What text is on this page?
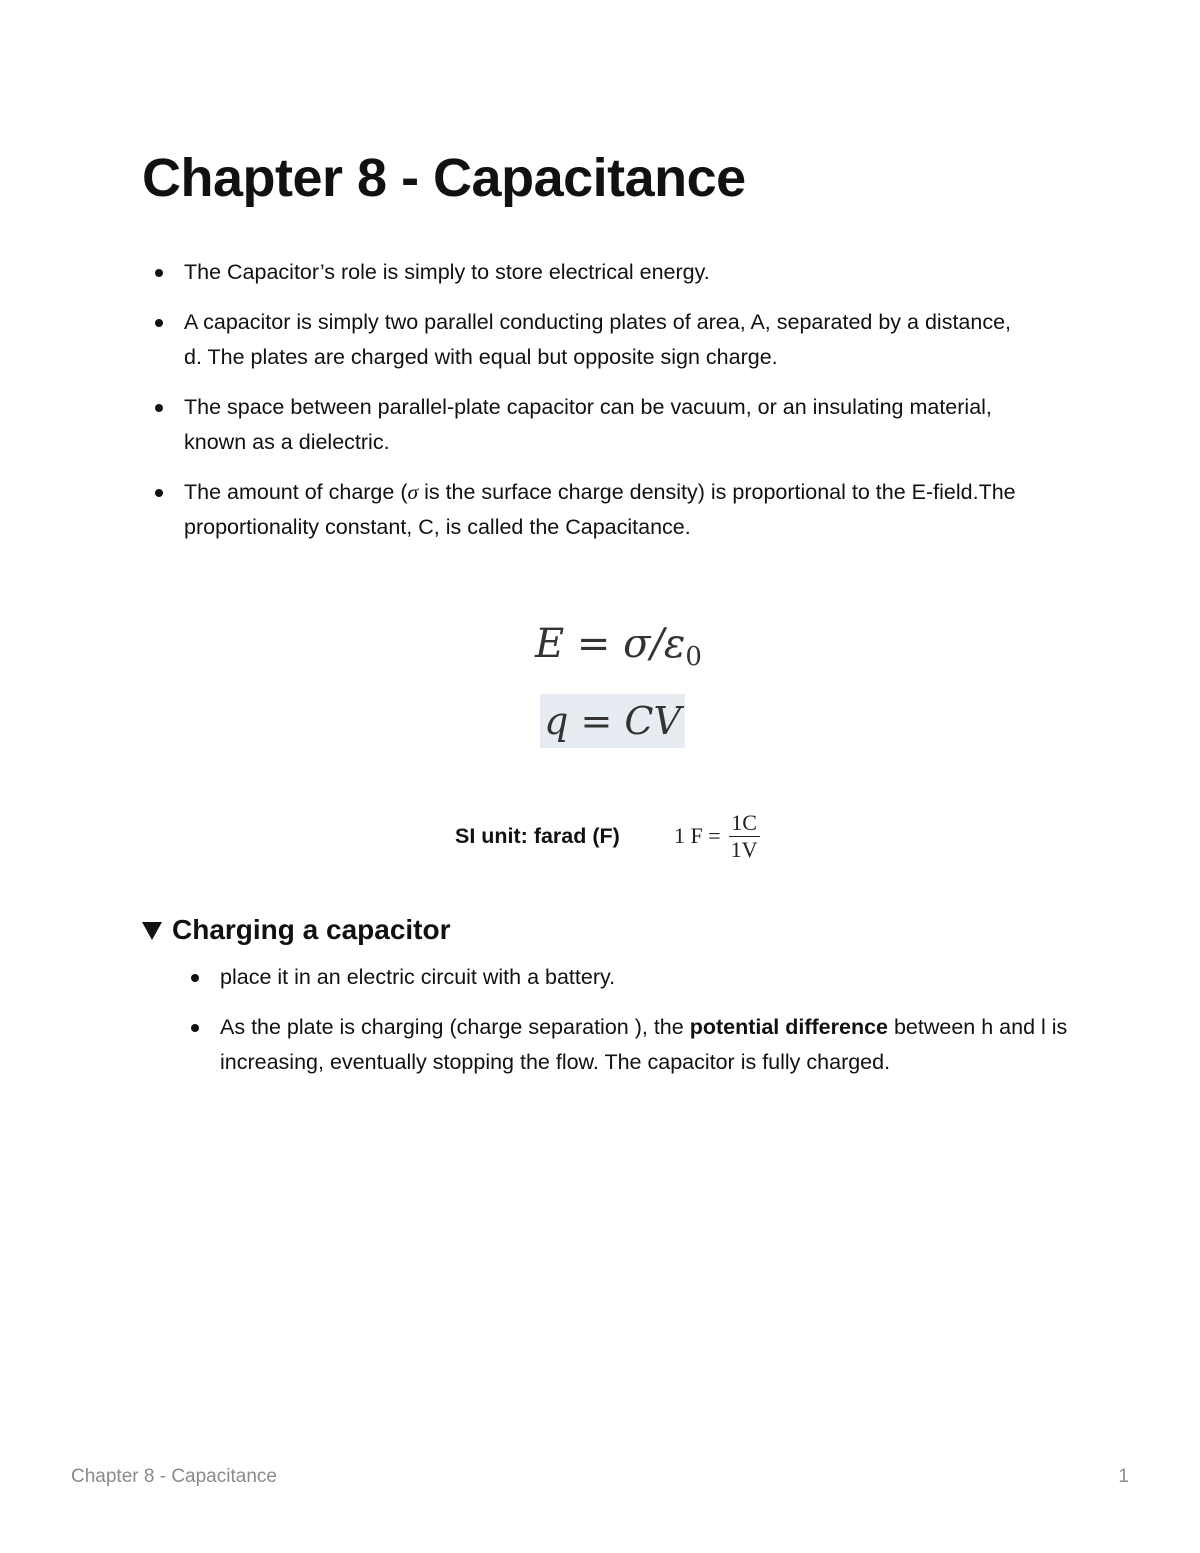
Chapter 8 - Capacitance
The Capacitor’s role is simply to store electrical energy.
A capacitor is simply two parallel conducting plates of area, A, separated by a distance,
d. The plates are charged with equal but opposite sign charge.
The space between parallel-plate capacitor can be vacuum, or an insulating material, known as a dielectric.
The amount of charge (σ is the surface charge density) is proportional to the E-field.The proportionality constant, C, is called the Capacitance.
$E = \sigma/\varepsilon_0$
q = CV
SI unit: farad (F) 1 $F = \frac{1C}{1V}$
Charging a capacitor
place it in an electric circuit with a battery.
As the plate is charging (charge separation ), the potential difference between h and l is increasing, eventually stopping the flow. The capacitor is fully charged.
Chapter 8 - Capacitance	1
